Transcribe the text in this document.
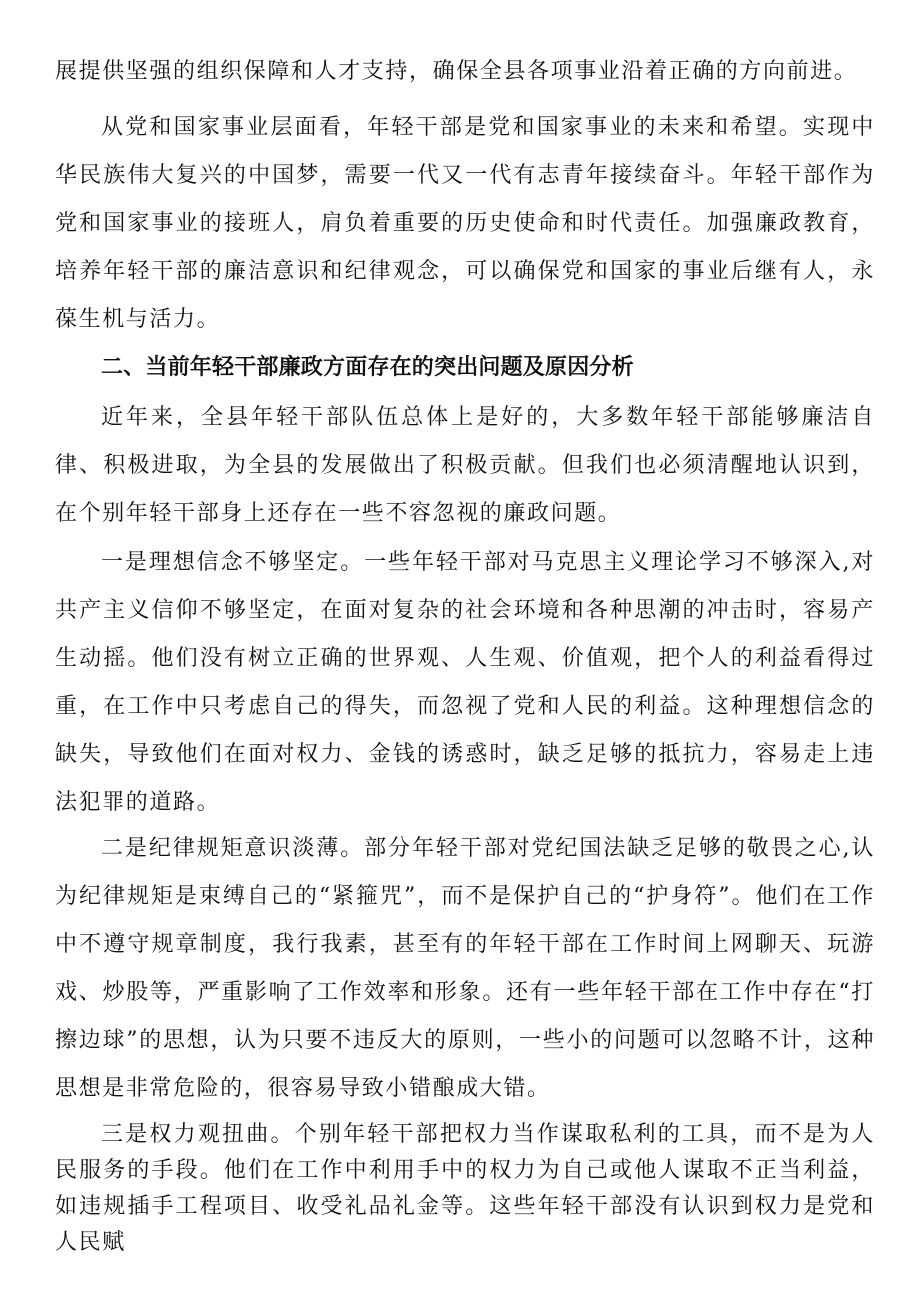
展提供坚强的组织保障和人才支持，确保全县各项事业沿着正确的方向前进。

从党和国家事业层面看，年轻干部是党和国家事业的未来和希望。实现中华民族伟大复兴的中国梦，需要一代又一代有志青年接续奋斗。年轻干部作为党和国家事业的接班人，肩负着重要的历史使命和时代责任。加强廉政教育，培养年轻干部的廉洁意识和纪律观念，可以确保党和国家的事业后继有人，永葆生机与活力。

二、当前年轻干部廉政方面存在的突出问题及原因分析

近年来，全县年轻干部队伍总体上是好的，大多数年轻干部能够廉洁自律、积极进取，为全县的发展做出了积极贡献。但我们也必须清醒地认识到，在个别年轻干部身上还存在一些不容忽视的廉政问题。

一是理想信念不够坚定。一些年轻干部对马克思主义理论学习不够深入,对共产主义信仰不够坚定，在面对复杂的社会环境和各种思潮的冲击时，容易产生动摇。他们没有树立正确的世界观、人生观、价值观，把个人的利益看得过重，在工作中只考虑自己的得失，而忽视了党和人民的利益。这种理想信念的缺失，导致他们在面对权力、金钱的诱惑时，缺乏足够的抵抗力，容易走上违法犯罪的道路。

二是纪律规矩意识淡薄。部分年轻干部对党纪国法缺乏足够的敬畏之心,认为纪律规矩是束缚自己的“紧箍咒”，而不是保护自己的“护身符”。他们在工作中不遵守规章制度，我行我素，甚至有的年轻干部在工作时间上网聊天、玩游戏、炒股等，严重影响了工作效率和形象。还有一些年轻干部在工作中存在“打擦边球”的思想，认为只要不违反大的原则，一些小的问题可以忽略不计，这种思想是非常危险的，很容易导致小错酿成大错。

三是权力观扭曲。个别年轻干部把权力当作谋取私利的工具，而不是为人民服务的手段。他们在工作中利用手中的权力为自己或他人谋取不正当利益，如违规插手工程项目、收受礼品礼金等。这些年轻干部没有认识到权力是党和人民赋
